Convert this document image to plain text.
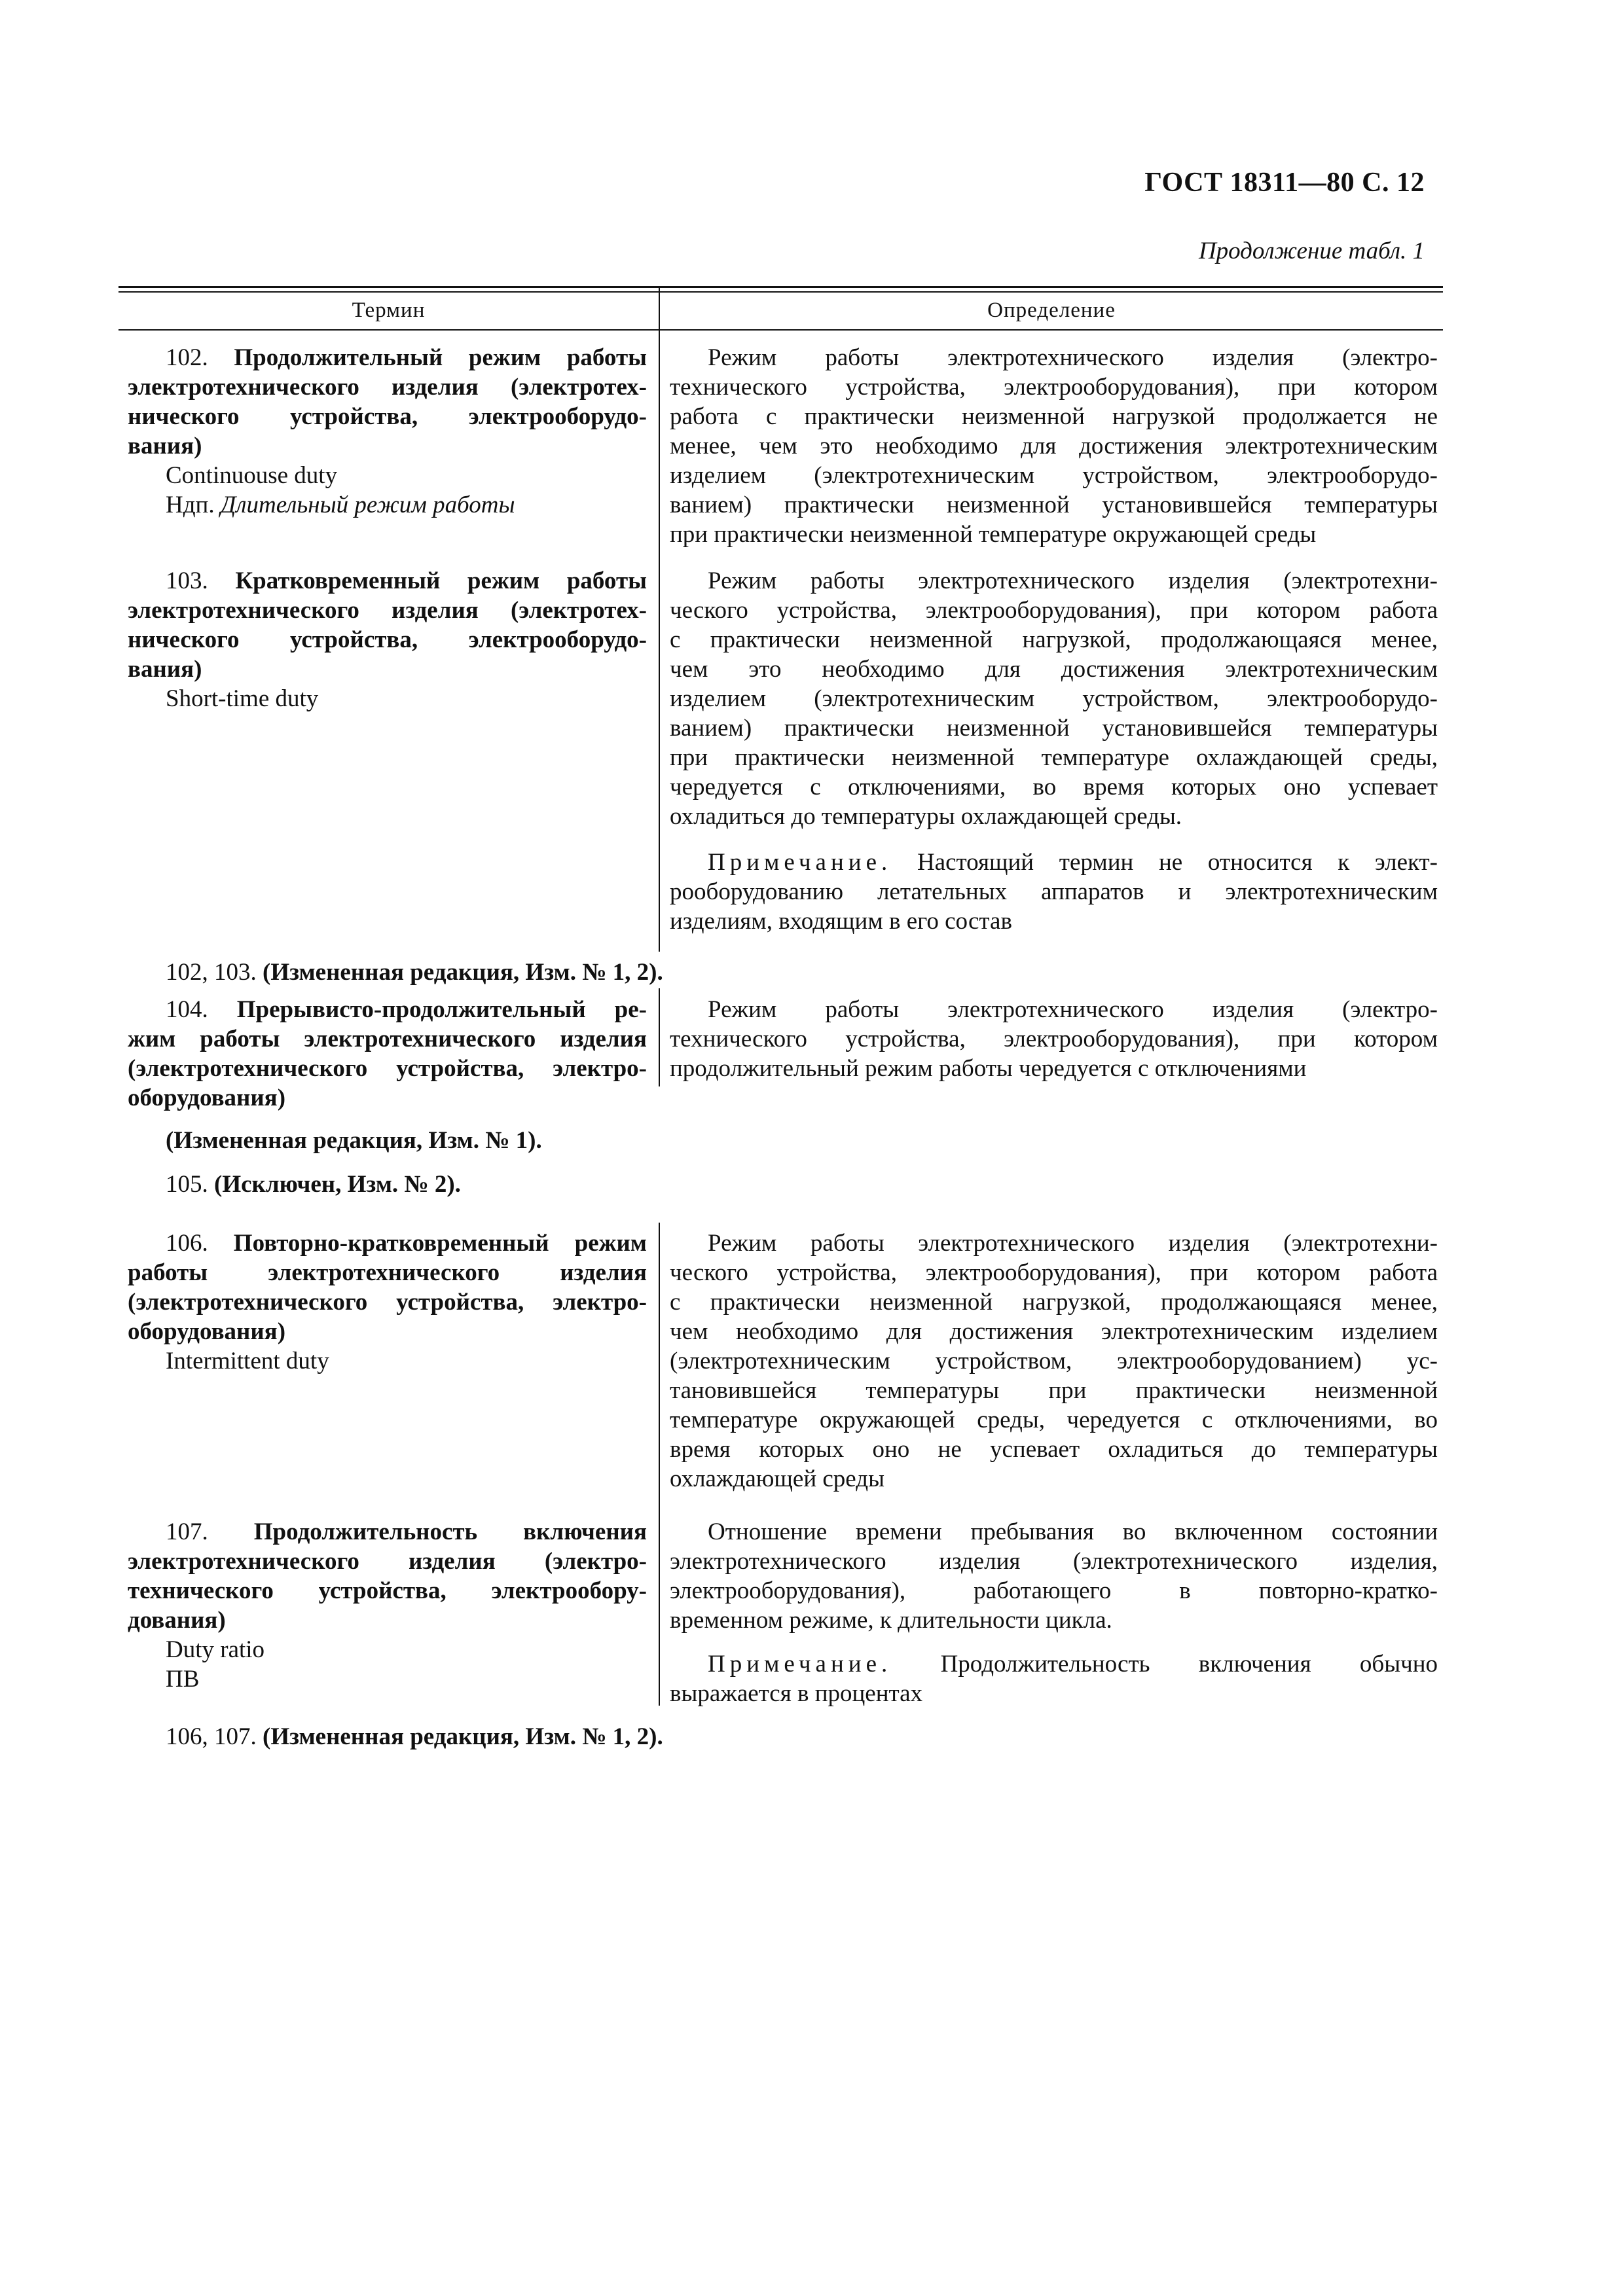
ГОСТ 18311—80 С. 12
Продолжение табл. 1
Термин	Определение
102. Продолжительный режим работы
электротехнического изделия (электротех-
нического устройства, электрооборудо-
вания)
Continuouse duty
Ндп. Длительный режим работы
Режим работы электротехнического изделия (электро-
технического устройства, электрооборудования), при котором
работа с практически неизменной нагрузкой продолжается не
менее, чем это необходимо для достижения электротехническим
изделием (электротехническим устройством, электрооборудо-
ванием) практически неизменной установившейся температуры
при практически неизменной температуре окружающей среды
103. Кратковременный режим работы
электротехнического изделия (электротех-
нического устройства, электрооборудо-
вания)
Short-time duty
Режим работы электротехнического изделия (электротехни-
ческого устройства, электрооборудования), при котором работа
с практически неизменной нагрузкой, продолжающаяся менее,
чем это необходимо для достижения электротехническим
изделием (электротехническим устройством, электрооборудо-
ванием) практически неизменной установившейся температуры
при практически неизменной температуре охлаждающей среды,
чередуется с отключениями, во время которых оно успевает
охладиться до температуры охлаждающей среды.
Примечание. Настоящий термин не относится к элект-
рооборудованию летательных аппаратов и электротехническим
изделиям, входящим в его состав
102, 103. (Измененная редакция, Изм. № 1, 2).
104. Прерывисто-продолжительный ре-
жим работы электротехнического изделия
(электротехнического устройства, электро-
оборудования)
Режим работы электротехнического изделия (электро-
технического устройства, электрооборудования), при котором
продолжительный режим работы чередуется с отключениями
(Измененная редакция, Изм. № 1).
105. (Исключен, Изм. № 2).
106. Повторно-кратковременный режим
работы электротехнического изделия
(электротехнического устройства, электро-
оборудования)
Intermittent duty
Режим работы электротехнического изделия (электротехни-
ческого устройства, электрооборудования), при котором работа
с практически неизменной нагрузкой, продолжающаяся менее,
чем необходимо для достижения электротехническим изделием
(электротехническим устройством, электрооборудованием) ус-
тановившейся температуры при практически неизменной
температуре окружающей среды, чередуется с отключениями, во
время которых оно не успевает охладиться до температуры
охлаждающей среды
107. Продолжительность включения
электротехнического изделия (электро-
технического устройства, электрообору-
дования)
Duty ratio
ПВ
Отношение времени пребывания во включенном состоянии
электротехнического изделия (электротехнического изделия,
электрооборудования), работающего в повторно-кратко-
временном режиме, к длительности цикла.
Примечание. Продолжительность включения обычно
выражается в процентах
106, 107. (Измененная редакция, Изм. № 1, 2).
